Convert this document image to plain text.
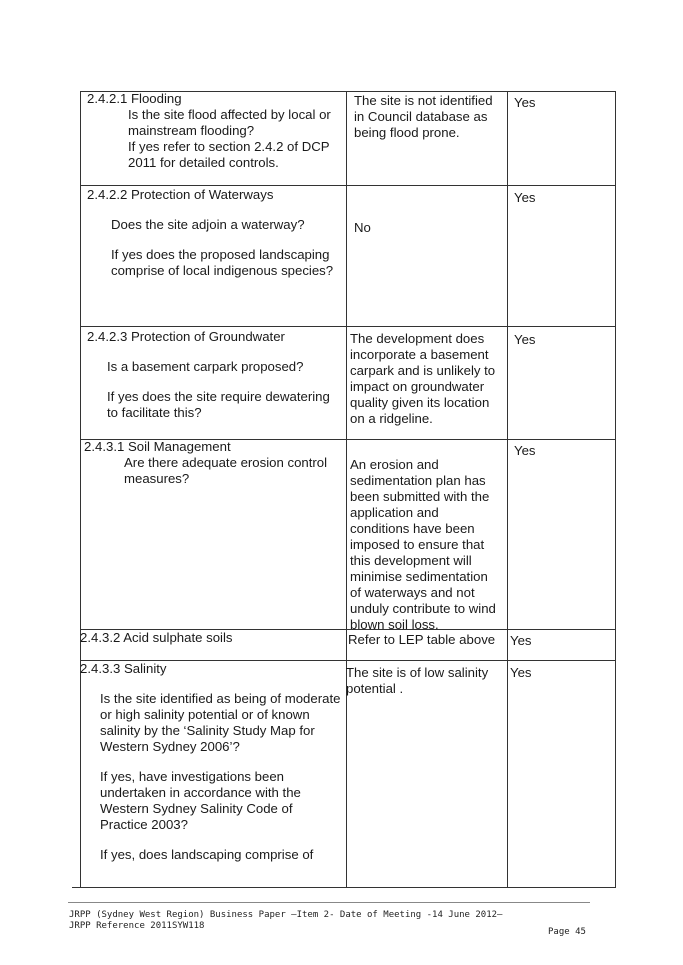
2.4.2.1 Flooding
Is the site flood affected by local or mainstream flooding?
If yes refer to section 2.4.2 of DCP 2011 for detailed controls.
The site is not identified in Council database as being flood prone.
Yes
2.4.2.2 Protection of Waterways
Does the site adjoin a waterway?
If yes does the proposed landscaping comprise of local indigenous species?
No
Yes
2.4.2.3 Protection of Groundwater
Is a basement carpark proposed?
If yes does the site require dewatering to facilitate this?
The development does incorporate a basement carpark and is unlikely to impact on groundwater quality given its location on a ridgeline.
Yes
2.4.3.1 Soil Management
Are there adequate erosion control measures?
An erosion and sedimentation plan has been submitted with the application and conditions have been imposed to ensure that this development will minimise sedimentation of waterways and not unduly contribute to wind blown soil loss.
Yes
2.4.3.2 Acid sulphate soils	Refer to LEP table above Yes
2.4.3.3 Salinity
Is the site identified as being of moderate or high salinity potential or of known salinity by the ‘Salinity Study Map for Western Sydney 2006’?
If yes, have investigations been undertaken in accordance with the Western Sydney Salinity Code of Practice 2003?
If yes, does landscaping comprise of
The site is of low salinity potential .
Yes
JRPP (Sydney West Region) Business Paper –Item 2- Date of Meeting -14 June 2012–
JRPP Reference 2011SYW118
Page 45
